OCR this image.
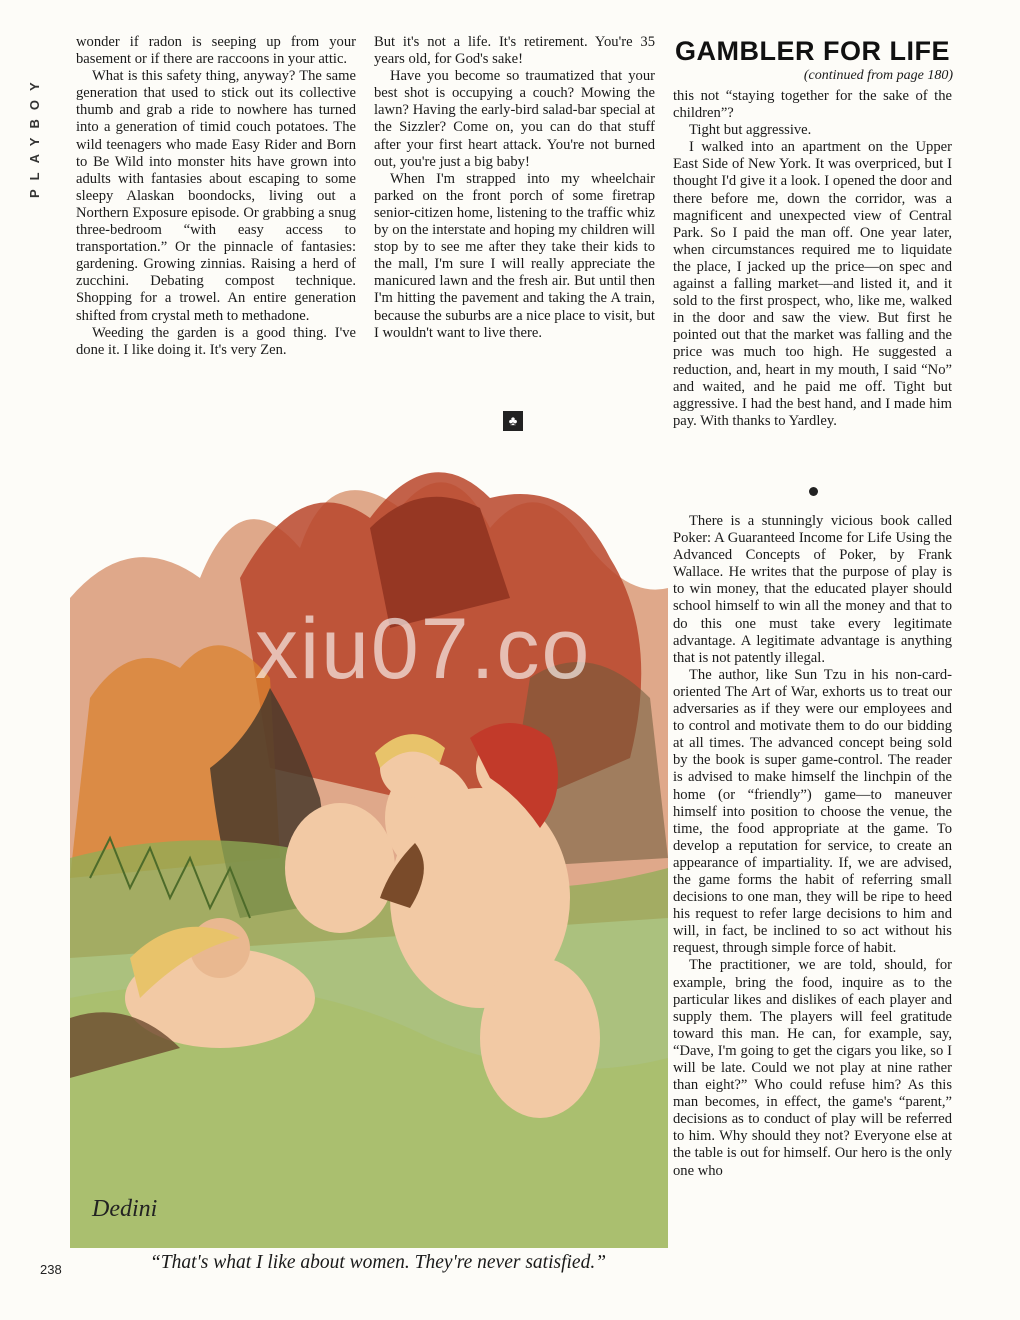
PLAYBOY

wonder if radon is seeping up from your basement or if there are raccoons in your attic.

What is this safety thing, anyway? The same generation that used to stick out its collective thumb and grab a ride to nowhere has turned into a generation of timid couch potatoes. The wild teenagers who made Easy Rider and Born to Be Wild into monster hits have grown into adults with fantasies about escaping to some sleepy Alaskan boondocks, living out a Northern Exposure episode. Or grabbing a snug three-bedroom “with easy access to transportation.” Or the pinnacle of fantasies: gardening. Growing zinnias. Raising a herd of zucchini. Debating compost technique. Shopping for a trowel. An entire generation shifted from crystal meth to methadone.

Weeding the garden is a good thing. I've done it. I like doing it. It's very Zen.

But it's not a life. It's retirement. You're 35 years old, for God's sake!

Have you become so traumatized that your best shot is occupying a couch? Mowing the lawn? Having the early-bird salad-bar special at the Sizzler? Come on, you can do that stuff after your first heart attack. You're not burned out, you're just a big baby!

When I'm strapped into my wheelchair parked on the front porch of some firetrap senior-citizen home, listening to the traffic whiz by on the interstate and hoping my children will stop by to see me after they take their kids to the mall, I'm sure I will really appreciate the manicured lawn and the fresh air. But until then I'm hitting the pavement and taking the A train, because the suburbs are a nice place to visit, but I wouldn't want to live there.

♣
GAMBLER FOR LIFE
(continued from page 180)

this not “staying together for the sake of the children”?

Tight but aggressive.

I walked into an apartment on the Upper East Side of New York. It was overpriced, but I thought I'd give it a look. I opened the door and there before me, down the corridor, was a magnificent and unexpected view of Central Park. So I paid the man off. One year later, when circumstances required me to liquidate the place, I jacked up the price—on spec and against a falling market—and listed it, and it sold to the first prospect, who, like me, walked in the door and saw the view. But first he pointed out that the market was falling and the price was much too high. He suggested a reduction, and, heart in my mouth, I said “No” and waited, and he paid me off. Tight but aggressive. I had the best hand, and I made him pay. With thanks to Yardley.

There is a stunningly vicious book called Poker: A Guaranteed Income for Life Using the Advanced Concepts of Poker, by Frank Wallace. He writes that the purpose of play is to win money, that the educated player should school himself to win all the money and that to do this one must take every legitimate advantage. A legitimate advantage is anything that is not patently illegal.

The author, like Sun Tzu in his non-card-oriented The Art of War, exhorts us to treat our adversaries as if they were our employees and to control and motivate them to do our bidding at all times. The advanced concept being sold by the book is super game-control. The reader is advised to make himself the linchpin of the home (or “friendly”) game—to maneuver himself into position to choose the venue, the time, the food appropriate at the game. To develop a reputation for service, to create an appearance of impartiality. If, we are advised, the game forms the habit of referring small decisions to one man, they will be ripe to heed his request to refer large decisions to him and will, in fact, be inclined to so act without his request, through simple force of habit.

The practitioner, we are told, should, for example, bring the food, inquire as to the particular likes and dislikes of each player and supply them. The players will feel gratitude toward this man. He can, for example, say, “Dave, I'm going to get the cigars you like, so I will be late. Could we not play at nine rather than eight?” Who could refuse him? As this man becomes, in effect, the game's “parent,” decisions as to conduct of play will be referred to him. Why should they not? Everyone else at the table is out for himself. Our hero is the only one who

xiu07.co
Dedini
“That's what I like about women. They're never satisfied.”
238
